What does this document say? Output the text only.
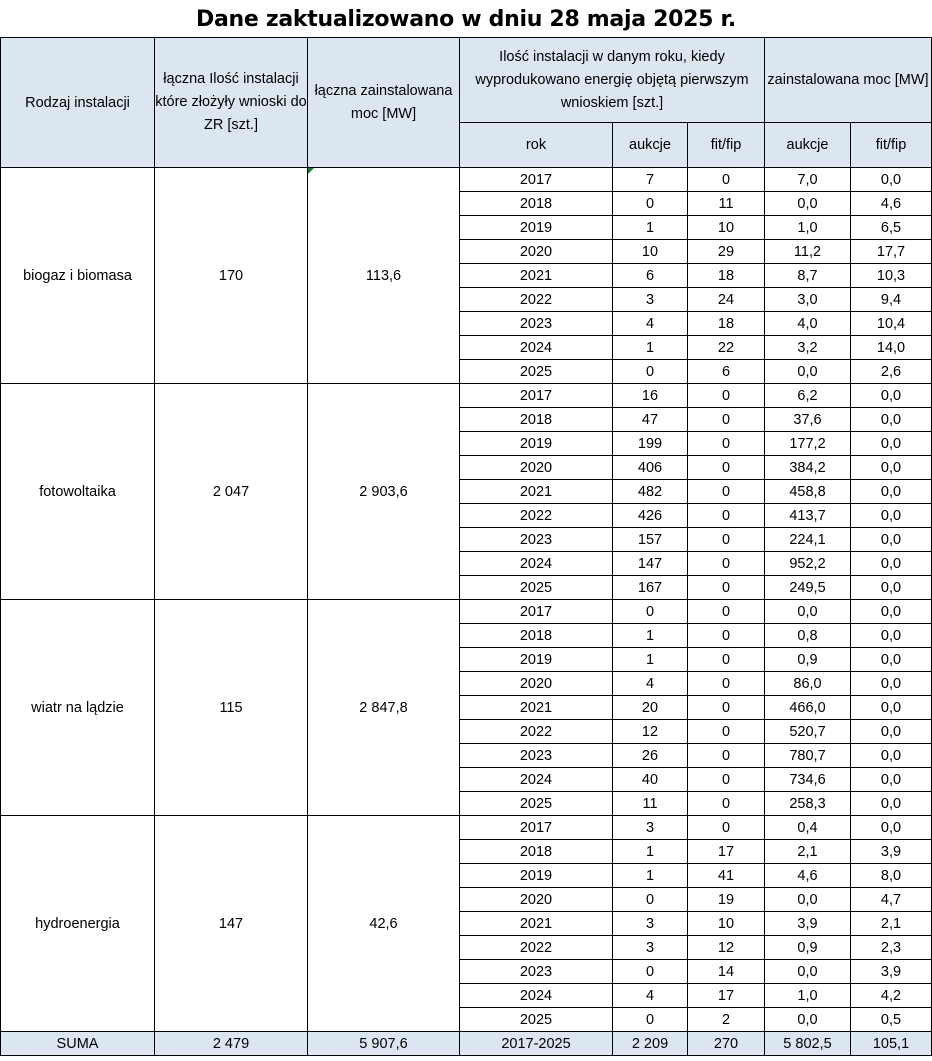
Dane zaktualizowano w dniu 28 maja 2025 r.
Rodzaj instalacji	łączna Ilość instalacji które złożyły wnioski do ZR [szt.]	łączna zainstalowana moc [MW]	Ilość instalacji w danym roku, kiedy wyprodukowano energię objętą pierwszym wnioskiem [szt.]			zainstalowana moc [MW]	
			rok	aukcje	fit/fip	aukcje	fit/fip
biogaz i biomasa	170	113,6	2017	7	0	7,0	0,0
			2018	0	11	0,0	4,6
			2019	1	10	1,0	6,5
			2020	10	29	11,2	17,7
			2021	6	18	8,7	10,3
			2022	3	24	3,0	9,4
			2023	4	18	4,0	10,4
			2024	1	22	3,2	14,0
			2025	0	6	0,0	2,6
fotowoltaika	2 047	2 903,6	2017	16	0	6,2	0,0
			2018	47	0	37,6	0,0
			2019	199	0	177,2	0,0
			2020	406	0	384,2	0,0
			2021	482	0	458,8	0,0
			2022	426	0	413,7	0,0
			2023	157	0	224,1	0,0
			2024	147	0	952,2	0,0
			2025	167	0	249,5	0,0
wiatr na lądzie	115	2 847,8	2017	0	0	0,0	0,0
			2018	1	0	0,8	0,0
			2019	1	0	0,9	0,0
			2020	4	0	86,0	0,0
			2021	20	0	466,0	0,0
			2022	12	0	520,7	0,0
			2023	26	0	780,7	0,0
			2024	40	0	734,6	0,0
			2025	11	0	258,3	0,0
hydroenergia	147	42,6	2017	3	0	0,4	0,0
			2018	1	17	2,1	3,9
			2019	1	41	4,6	8,0
			2020	0	19	0,0	4,7
			2021	3	10	3,9	2,1
			2022	3	12	0,9	2,3
			2023	0	14	0,0	3,9
			2024	4	17	1,0	4,2
			2025	0	2	0,0	0,5
SUMA	2 479	5 907,6	2017-2025	2 209	270	5 802,5	105,1
